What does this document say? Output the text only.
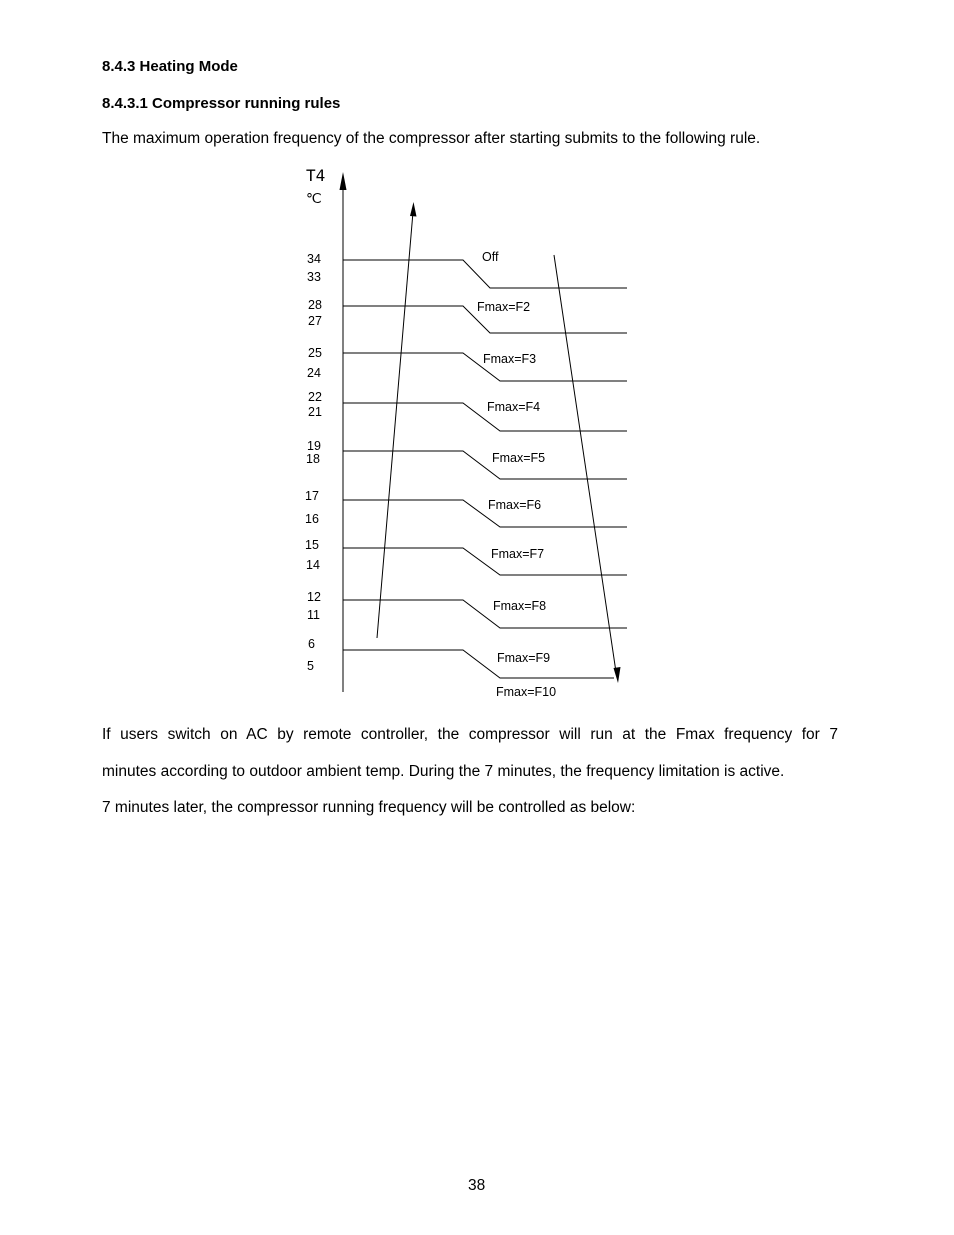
8.4.3 Heating Mode
8.4.3.1 Compressor running rules
The maximum operation frequency of the compressor after starting submits to the following rule.
T4
℃
34
33
28
27
25
24
22
21
19
18
17
16
15
14
12
11
6
5
Off
Fmax=F2
Fmax=F3
Fmax=F4
Fmax=F5
Fmax=F6
Fmax=F7
Fmax=F8
Fmax=F9
Fmax=F10
If users switch on AC by remote controller, the compressor will run at the Fmax frequency for 7
minutes according to outdoor ambient temp. During the 7 minutes, the frequency limitation is active.
7 minutes later, the compressor running frequency will be controlled as below:
38
